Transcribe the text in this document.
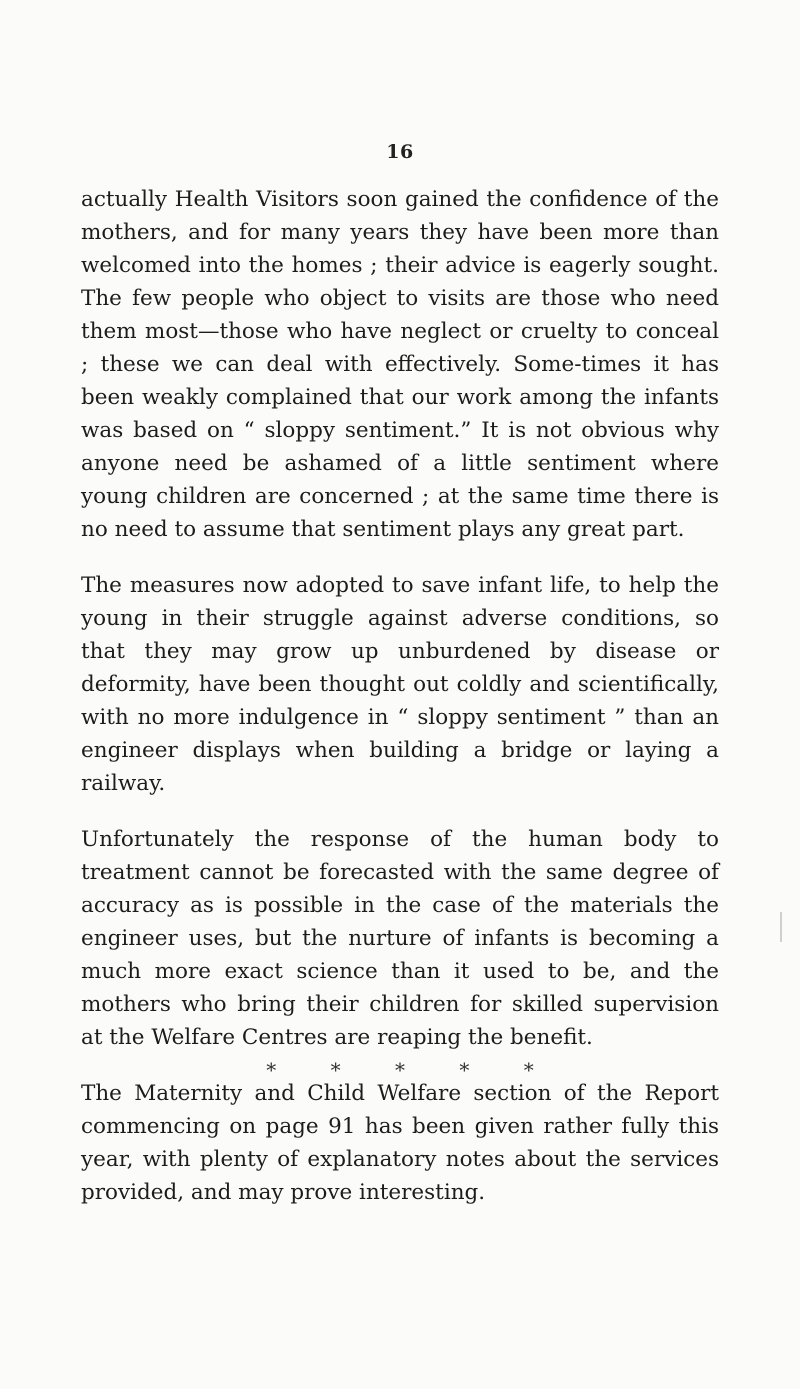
16

actually Health Visitors soon gained the confidence of the mothers, and for many years they have been more than welcomed into the homes ; their advice is eagerly sought. The few people who object to visits are those who need them most—those who have neglect or cruelty to conceal ; these we can deal with effectively. Some-times it has been weakly complained that our work among the infants was based on “ sloppy sentiment.” It is not obvious why anyone need be ashamed of a little sentiment where young children are concerned ; at the same time there is no need to assume that sentiment plays any great part.

The measures now adopted to save infant life, to help the young in their struggle against adverse conditions, so that they may grow up unburdened by disease or deformity, have been thought out coldly and scientifically, with no more indulgence in “ sloppy sentiment ” than an engineer displays when building a bridge or laying a railway.

Unfortunately the response of the human body to treatment cannot be forecasted with the same degree of accuracy as is possible in the case of the materials the engineer uses, but the nurture of infants is becoming a much more exact science than it used to be, and the mothers who bring their children for skilled supervision at the Welfare Centres are reaping the benefit.

The Maternity and Child Welfare section of the Report commencing on page 91 has been given rather fully this year, with plenty of explanatory notes about the services provided, and may prove interesting.

* * * * *
